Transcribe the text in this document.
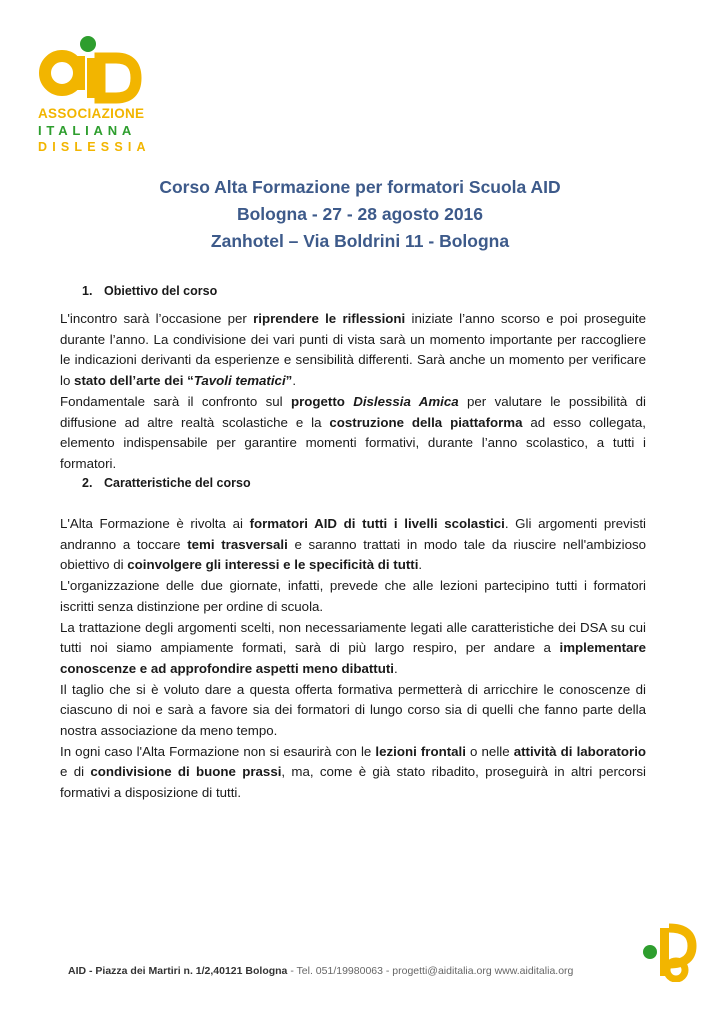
ASSOCIAZIONE
ITALIANA
DISLESSIA
Corso Alta Formazione per formatori Scuola AID
Bologna - 27 - 28 agosto 2016
Zanhotel – Via Boldrini 11 - Bologna
1. Obiettivo del corso

L'incontro sarà l’occasione per riprendere le riflessioni iniziate l’anno scorso e poi proseguite durante l’anno. La condivisione dei vari punti di vista sarà un momento importante per raccogliere le indicazioni derivanti da esperienze e sensibilità differenti. Sarà anche un momento per verificare lo stato dell’arte dei “Tavoli tematici”.

Fondamentale sarà il confronto sul progetto Dislessia Amica per valutare le possibilità di diffusione ad altre realtà scolastiche e la costruzione della piattaforma ad esso collegata, elemento indispensabile per garantire momenti formativi, durante l’anno scolastico, a tutti i formatori.

2. Caratteristiche del corso

L'Alta Formazione è rivolta ai formatori AID di tutti i livelli scolastici. Gli argomenti previsti andranno a toccare temi trasversali e saranno trattati in modo tale da riuscire nell'ambizioso obiettivo di coinvolgere gli interessi e le specificità di tutti.

L'organizzazione delle due giornate, infatti, prevede che alle lezioni partecipino tutti i formatori iscritti senza distinzione per ordine di scuola.

La trattazione degli argomenti scelti, non necessariamente legati alle caratteristiche dei DSA su cui tutti noi siamo ampiamente formati, sarà di più largo respiro, per andare a implementare conoscenze e ad approfondire aspetti meno dibattuti.

Il taglio che si è voluto dare a questa offerta formativa permetterà di arricchire le conoscenze di ciascuno di noi e sarà a favore sia dei formatori di lungo corso sia di quelli che fanno parte della nostra associazione da meno tempo.

In ogni caso l'Alta Formazione non si esaurirà con le lezioni frontali o nelle attività di laboratorio e di condivisione di buone prassi, ma, come è già stato ribadito, proseguirà in altri percorsi formativi a disposizione di tutti.

AID - Piazza dei Martiri n. 1/2,40121 Bologna - Tel. 051/19980063 - progetti@aiditalia.org www.aiditalia.org
